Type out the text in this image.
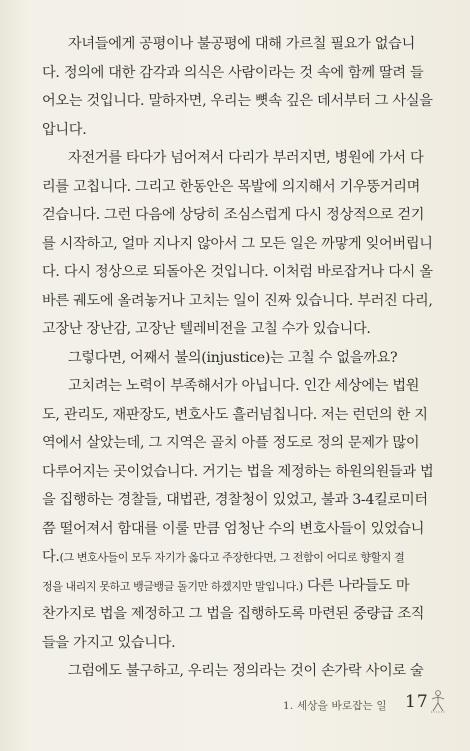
자녀들에게 공평이나 불공평에 대해 가르칠 필요가 없습니
다. 정의에 대한 감각과 의식은 사람이라는 것 속에 함께 딸려 들
어오는 것입니다. 말하자면, 우리는 뼛속 깊은 데서부터 그 사실을
압니다.
자전거를 타다가 넘어져서 다리가 부러지면, 병원에 가서 다
리를 고칩니다. 그리고 한동안은 목발에 의지해서 기우뚱거리며
걷습니다. 그런 다음에 상당히 조심스럽게 다시 정상적으로 걷기
를 시작하고, 얼마 지나지 않아서 그 모든 일은 까맣게 잊어버립니
다. 다시 정상으로 되돌아온 것입니다. 이처럼 바로잡거나 다시 올
바른 궤도에 올려놓거나 고치는 일이 진짜 있습니다. 부러진 다리,
고장난 장난감, 고장난 텔레비전을 고칠 수가 있습니다.
그렇다면, 어째서 불의(injustice)는 고칠 수 없을까요?
고치려는 노력이 부족해서가 아닙니다. 인간 세상에는 법원
도, 관리도, 재판장도, 변호사도 흘러넘칩니다. 저는 런던의 한 지
역에서 살았는데, 그 지역은 골치 아플 정도로 정의 문제가 많이
다루어지는 곳이었습니다. 거기는 법을 제정하는 하원의원들과 법
을 집행하는 경찰들, 대법관, 경찰청이 있었고, 불과 3-4킬로미터
쯤 떨어져서 함대를 이룰 만큼 엄청난 수의 변호사들이 있었습니
다.(그 변호사들이 모두 자기가 옳다고 주장한다면, 그 전함이 어디로 향할지 결
정을 내리지 못하고 뱅글뱅글 돌기만 하겠지만 말입니다.) 다른 나라들도 마
찬가지로 법을 제정하고 그 법을 집행하도록 마련된 중량급 조직
들을 가지고 있습니다.
그럼에도 불구하고, 우리는 정의라는 것이 손가락 사이로 술
1. 세상을 바로잡는 일 17
